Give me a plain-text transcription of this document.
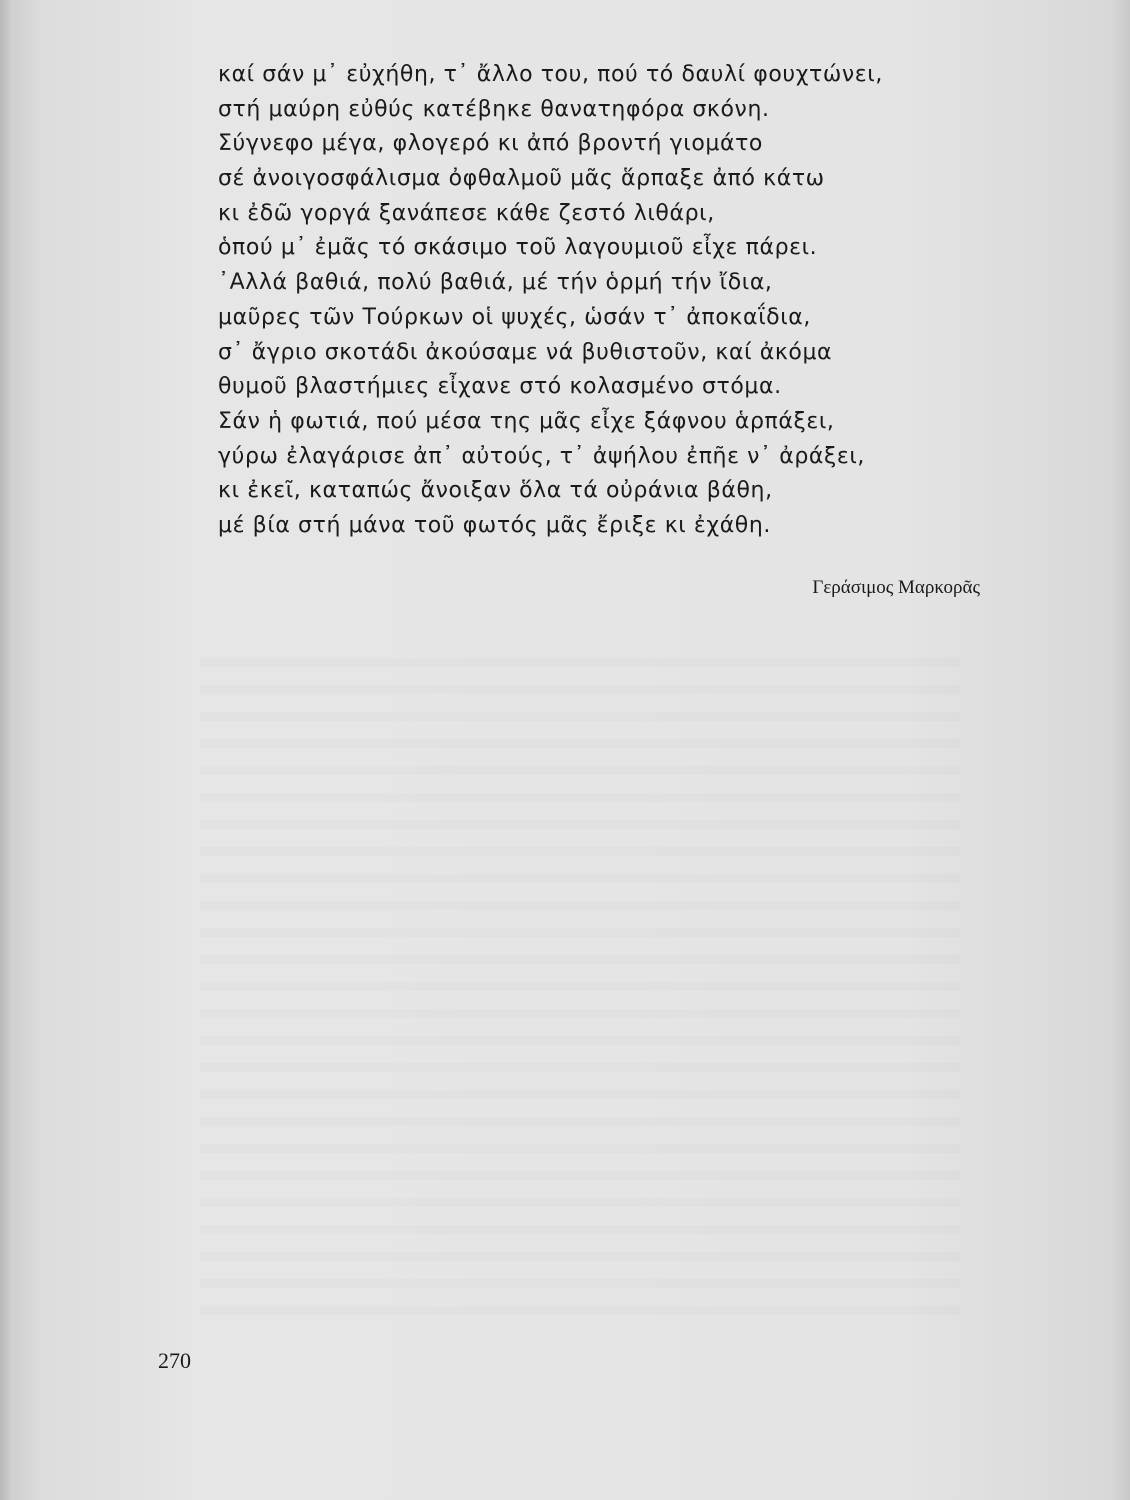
καί σάν μ᾽ εὐχήθη, τ᾽ ἄλλο του, πού τό δαυλί φουχτώνει,
στή μαύρη εὐθύς κατέβηκε θανατηφόρα σκόνη.
Σύγνεφο μέγα, φλογερό κι ἀπό βροντή γιομάτο
σέ ἀνοιγοσφάλισμα ὀφθαλμοῦ μᾶς ἅρπαξε ἀπό κάτω
κι ἐδῶ γοργά ξανάπεσε κάθε ζεστό λιθάρι,
ὁπού μ᾽ ἐμᾶς τό σκάσιμο τοῦ λαγουμιοῦ εἶχε πάρει.
᾿Αλλά βαθιά, πολύ βαθιά, μέ τήν ὁρμή τήν ἴδια,
μαῦρες τῶν Τούρκων οἱ ψυχές, ὡσάν τ᾽ ἀποκαΐδια,
σ᾽ ἄγριο σκοτάδι ἀκούσαμε νά βυθιστοῦν, καί ἀκόμα
θυμοῦ βλαστήμιες εἶχανε στό κολασμένο στόμα.
Σάν ἡ φωτιά, πού μέσα της μᾶς εἶχε ξάφνου ἁρπάξει,
γύρω ἐλαγάρισε ἀπ᾽ αὐτούς, τ᾽ ἀψήλου ἐπῆε ν᾽ ἀράξει,
κι ἐκεῖ, καταπώς ἄνοιξαν ὅλα τά οὐράνια βάθη,
μέ βία στή μάνα τοῦ φωτός μᾶς ἔριξε κι ἐχάθη.
Γεράσιμος Μαρκορᾶς
270
